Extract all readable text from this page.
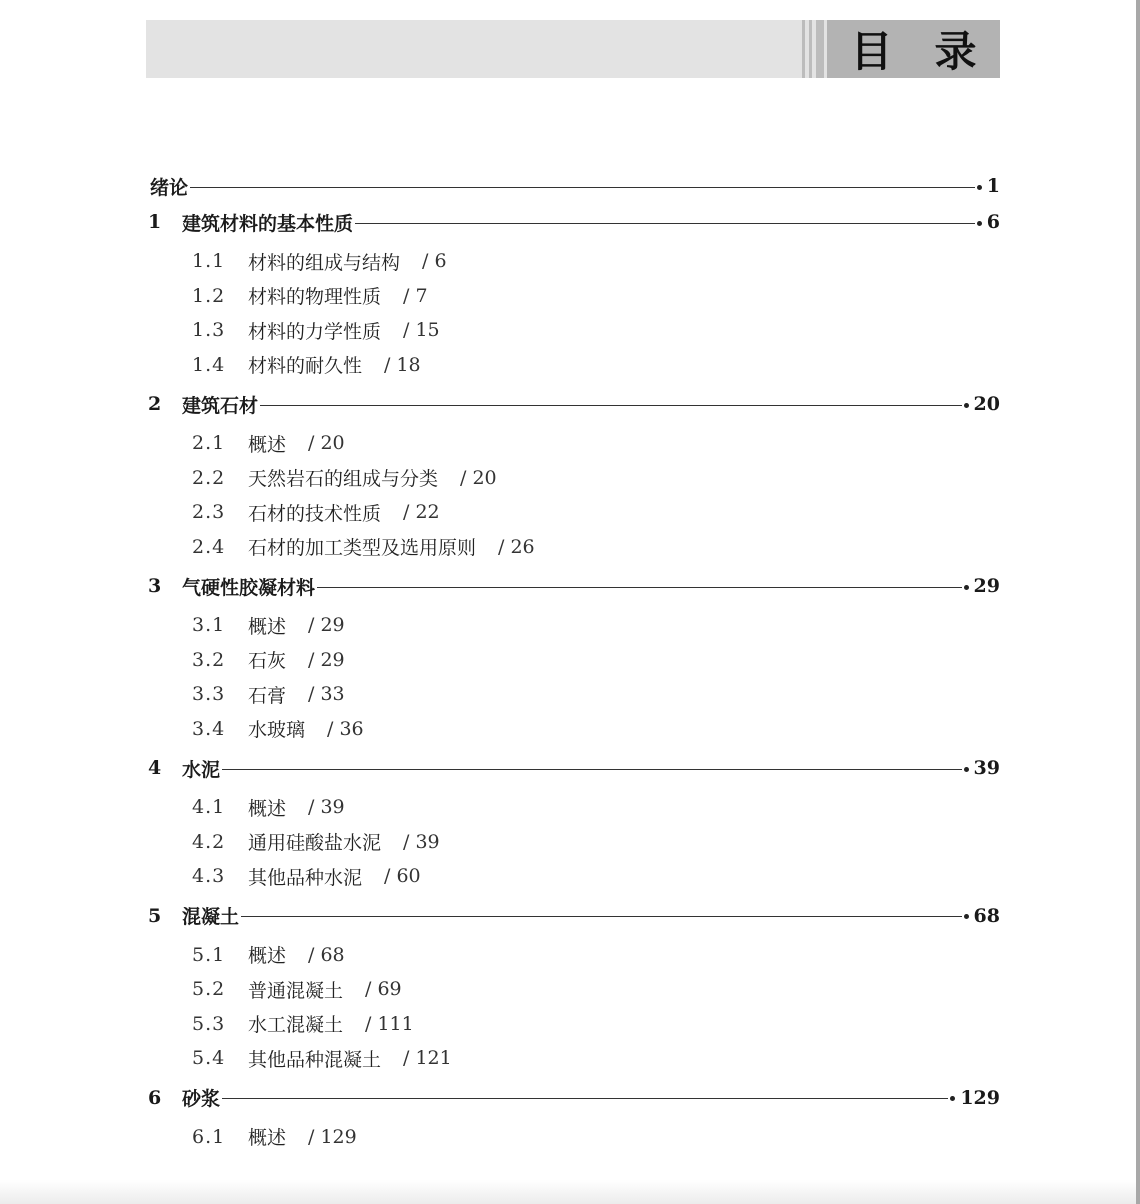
目录
绪论	1
1	建筑材料的基本性质	6
1.1	材料的组成与结构 / 6
1.2	材料的物理性质 / 7
1.3	材料的力学性质 / 15
1.4	材料的耐久性 / 18
2	建筑石材	20
2.1	概述 / 20
2.2	天然岩石的组成与分类 / 20
2.3	石材的技术性质 / 22
2.4	石材的加工类型及选用原则 / 26
3	气硬性胶凝材料	29
3.1	概述 / 29
3.2	石灰 / 29
3.3	石膏 / 33
3.4	水玻璃 / 36
4	水泥	39
4.1	概述 / 39
4.2	通用硅酸盐水泥 / 39
4.3	其他品种水泥 / 60
5	混凝土	68
5.1	概述 / 68
5.2	普通混凝土 / 69
5.3	水工混凝土 / 111
5.4	其他品种混凝土 / 121
6	砂浆	129
6.1	概述 / 129
